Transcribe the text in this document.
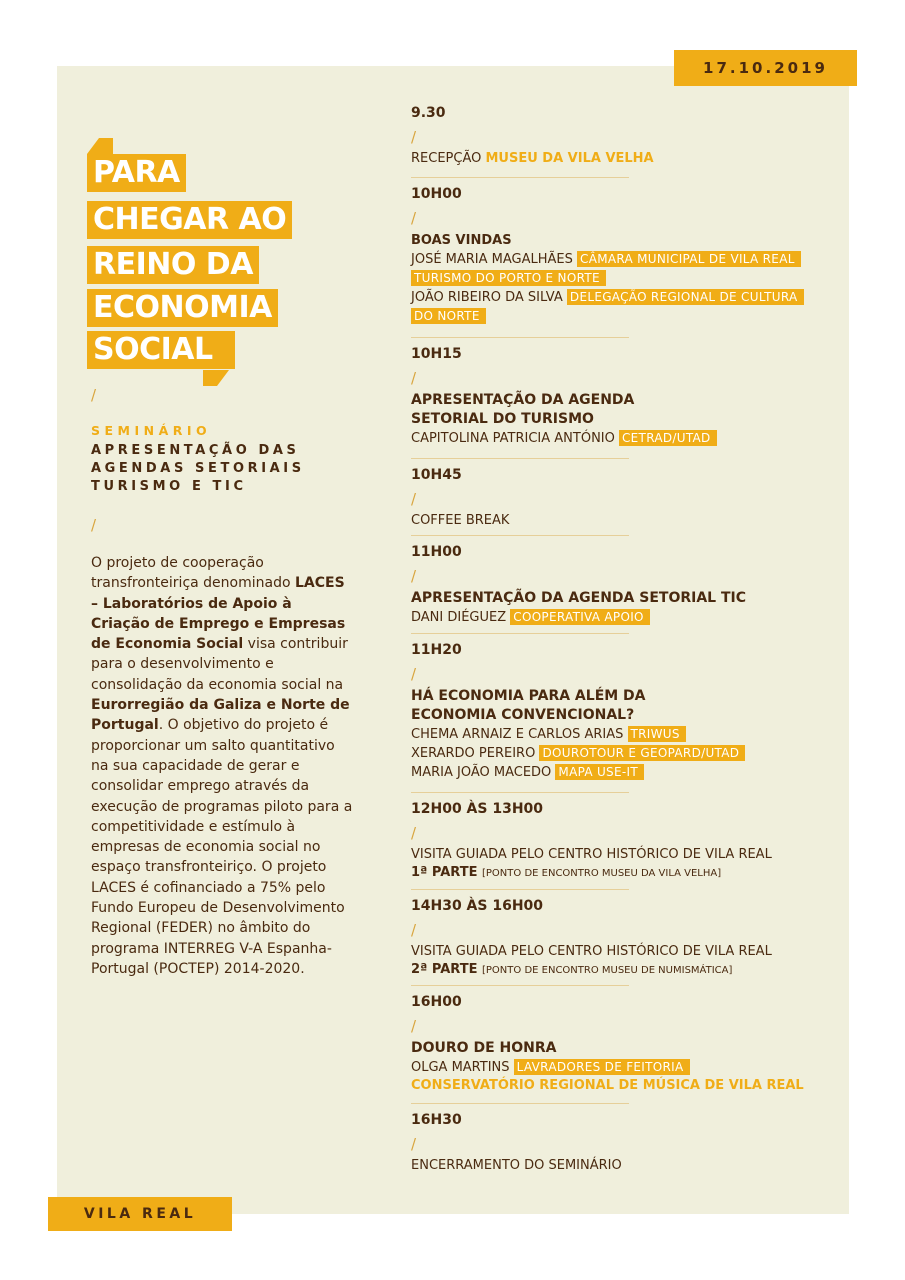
17.10.2019
PARA
CHEGAR AO
REINO DA
ECONOMIA
SOCIAL
/
SEMINÁRIO
APRESENTAÇÃO DAS
AGENDAS SETORIAIS
TURISMO E TIC
/
O projeto de cooperação transfronteiriça denominado LACES – Laboratórios de Apoio à Criação de Emprego e Empresas de Economia Social visa contribuir para o desenvolvimento e consolidação da economia social na Eurorregião da Galiza e Norte de Portugal. O objetivo do projeto é proporcionar um salto quantitativo na sua capacidade de gerar e consolidar emprego através da execução de programas piloto para a competitividade e estímulo à empresas de economia social no espaço transfronteiriço. O projeto LACES é cofinanciado a 75% pelo Fundo Europeu de Desenvolvimento Regional (FEDER) no âmbito do programa INTERREG V-A Espanha-Portugal (POCTEP) 2014-2020.
9.30
/
RECEPÇÃO MUSEU DA VILA VELHA
10H00
/
BOAS VINDAS
JOSÉ MARIA MAGALHÃES CÂMARA MUNICIPAL DE VILA REAL
TURISMO DO PORTO E NORTE
JOÃO RIBEIRO DA SILVA DELEGAÇÃO REGIONAL DE CULTURA
DO NORTE
10H15
/
APRESENTAÇÃO DA AGENDA
SETORIAL DO TURISMO
CAPITOLINA PATRICIA ANTÓNIO CETRAD/UTAD
10H45
/
COFFEE BREAK
11H00
/
APRESENTAÇÃO DA AGENDA SETORIAL TIC
DANI DIÉGUEZ COOPERATIVA APOIO
11H20
/
HÁ ECONOMIA PARA ALÉM DA
ECONOMIA CONVENCIONAL?
CHEMA ARNAIZ E CARLOS ARIAS TRIWUS
XERARDO PEREIRO DOUROTOUR E GEOPARD/UTAD
MARIA JOÃO MACEDO MAPA USE-IT
12H00 ÀS 13H00
/
VISITA GUIADA PELO CENTRO HISTÓRICO DE VILA REAL
1ª PARTE [PONTO DE ENCONTRO MUSEU DA VILA VELHA]
14H30 ÀS 16H00
/
VISITA GUIADA PELO CENTRO HISTÓRICO DE VILA REAL
2ª PARTE [PONTO DE ENCONTRO MUSEU DE NUMISMÁTICA]
16H00
/
DOURO DE HONRA
OLGA MARTINS LAVRADORES DE FEITORIA
CONSERVATÓRIO REGIONAL DE MÚSICA DE VILA REAL
16H30
/
ENCERRAMENTO DO SEMINÁRIO
VILA REAL
